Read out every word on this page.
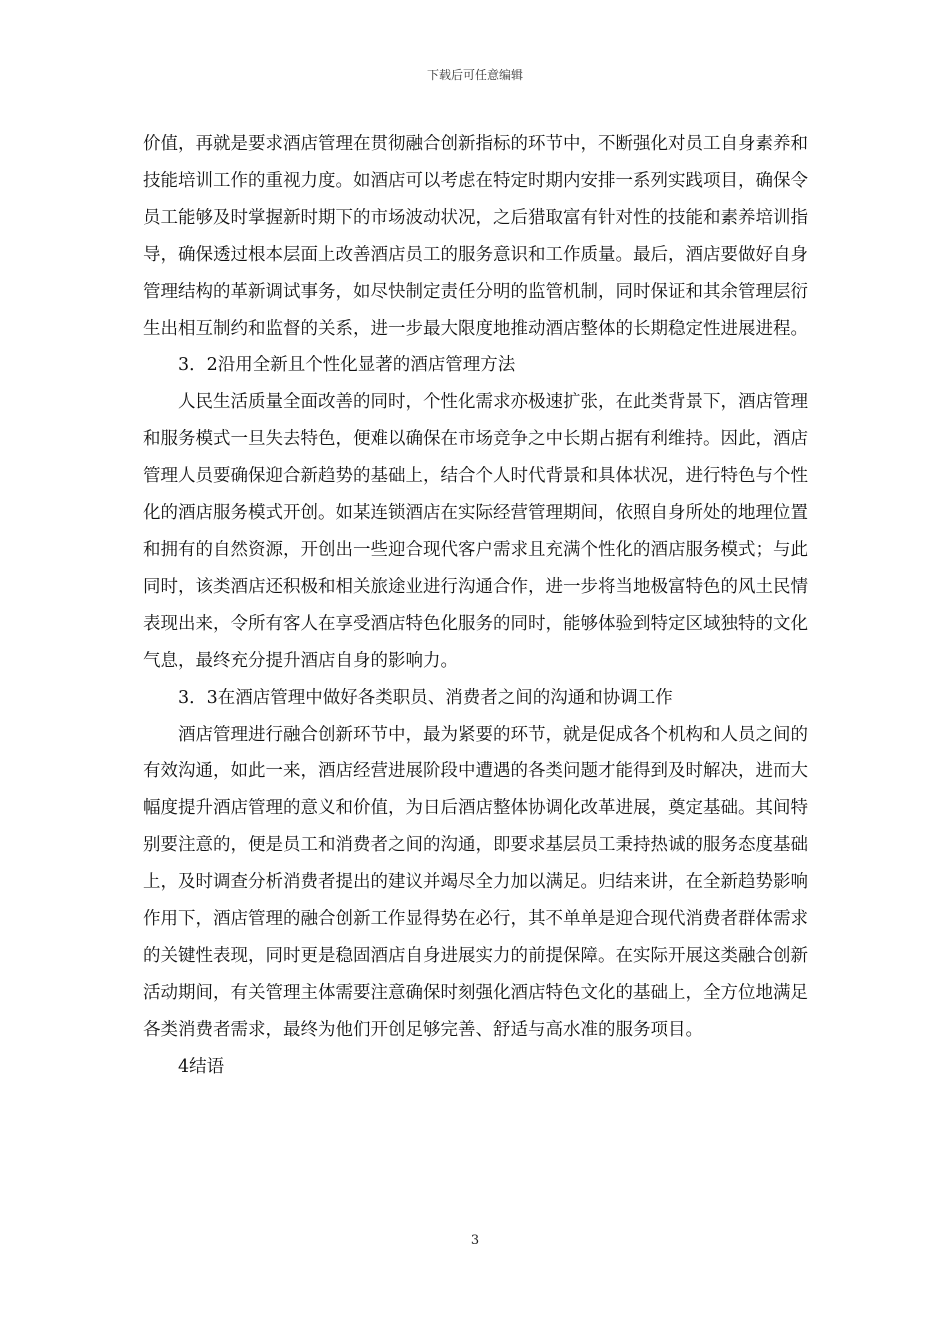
下载后可任意编辑

价值，再就是要求酒店管理在贯彻融合创新指标的环节中，不断强化对员工自身素养和技能培训工作的重视力度。如酒店可以考虑在特定时期内安排一系列实践项目，确保令员工能够及时掌握新时期下的市场波动状况，之后猎取富有针对性的技能和素养培训指导，确保透过根本层面上改善酒店员工的服务意识和工作质量。最后，酒店要做好自身管理结构的革新调试事务，如尽快制定责任分明的监管机制，同时保证和其余管理层衍生出相互制约和监督的关系，进一步最大限度地推动酒店整体的长期稳定性进展进程。

3．2沿用全新且个性化显著的酒店管理方法

人民生活质量全面改善的同时，个性化需求亦极速扩张，在此类背景下，酒店管理和服务模式一旦失去特色，便难以确保在市场竞争之中长期占据有利维持。因此，酒店管理人员要确保迎合新趋势的基础上，结合个人时代背景和具体状况，进行特色与个性化的酒店服务模式开创。如某连锁酒店在实际经营管理期间，依照自身所处的地理位置和拥有的自然资源，开创出一些迎合现代客户需求且充满个性化的酒店服务模式；与此同时，该类酒店还积极和相关旅途业进行沟通合作，进一步将当地极富特色的风土民情表现出来，令所有客人在享受酒店特色化服务的同时，能够体验到特定区域独特的文化气息，最终充分提升酒店自身的影响力。

3．3在酒店管理中做好各类职员、消费者之间的沟通和协调工作

酒店管理进行融合创新环节中，最为紧要的环节，就是促成各个机构和人员之间的有效沟通，如此一来，酒店经营进展阶段中遭遇的各类问题才能得到及时解决，进而大幅度提升酒店管理的意义和价值，为日后酒店整体协调化改革进展，奠定基础。其间特别要注意的，便是员工和消费者之间的沟通，即要求基层员工秉持热诚的服务态度基础上，及时调查分析消费者提出的建议并竭尽全力加以满足。归结来讲，在全新趋势影响作用下，酒店管理的融合创新工作显得势在必行，其不单单是迎合现代消费者群体需求的关键性表现，同时更是稳固酒店自身进展实力的前提保障。在实际开展这类融合创新活动期间，有关管理主体需要注意确保时刻强化酒店特色文化的基础上，全方位地满足各类消费者需求，最终为他们开创足够完善、舒适与高水准的服务项目。

4结语
3
